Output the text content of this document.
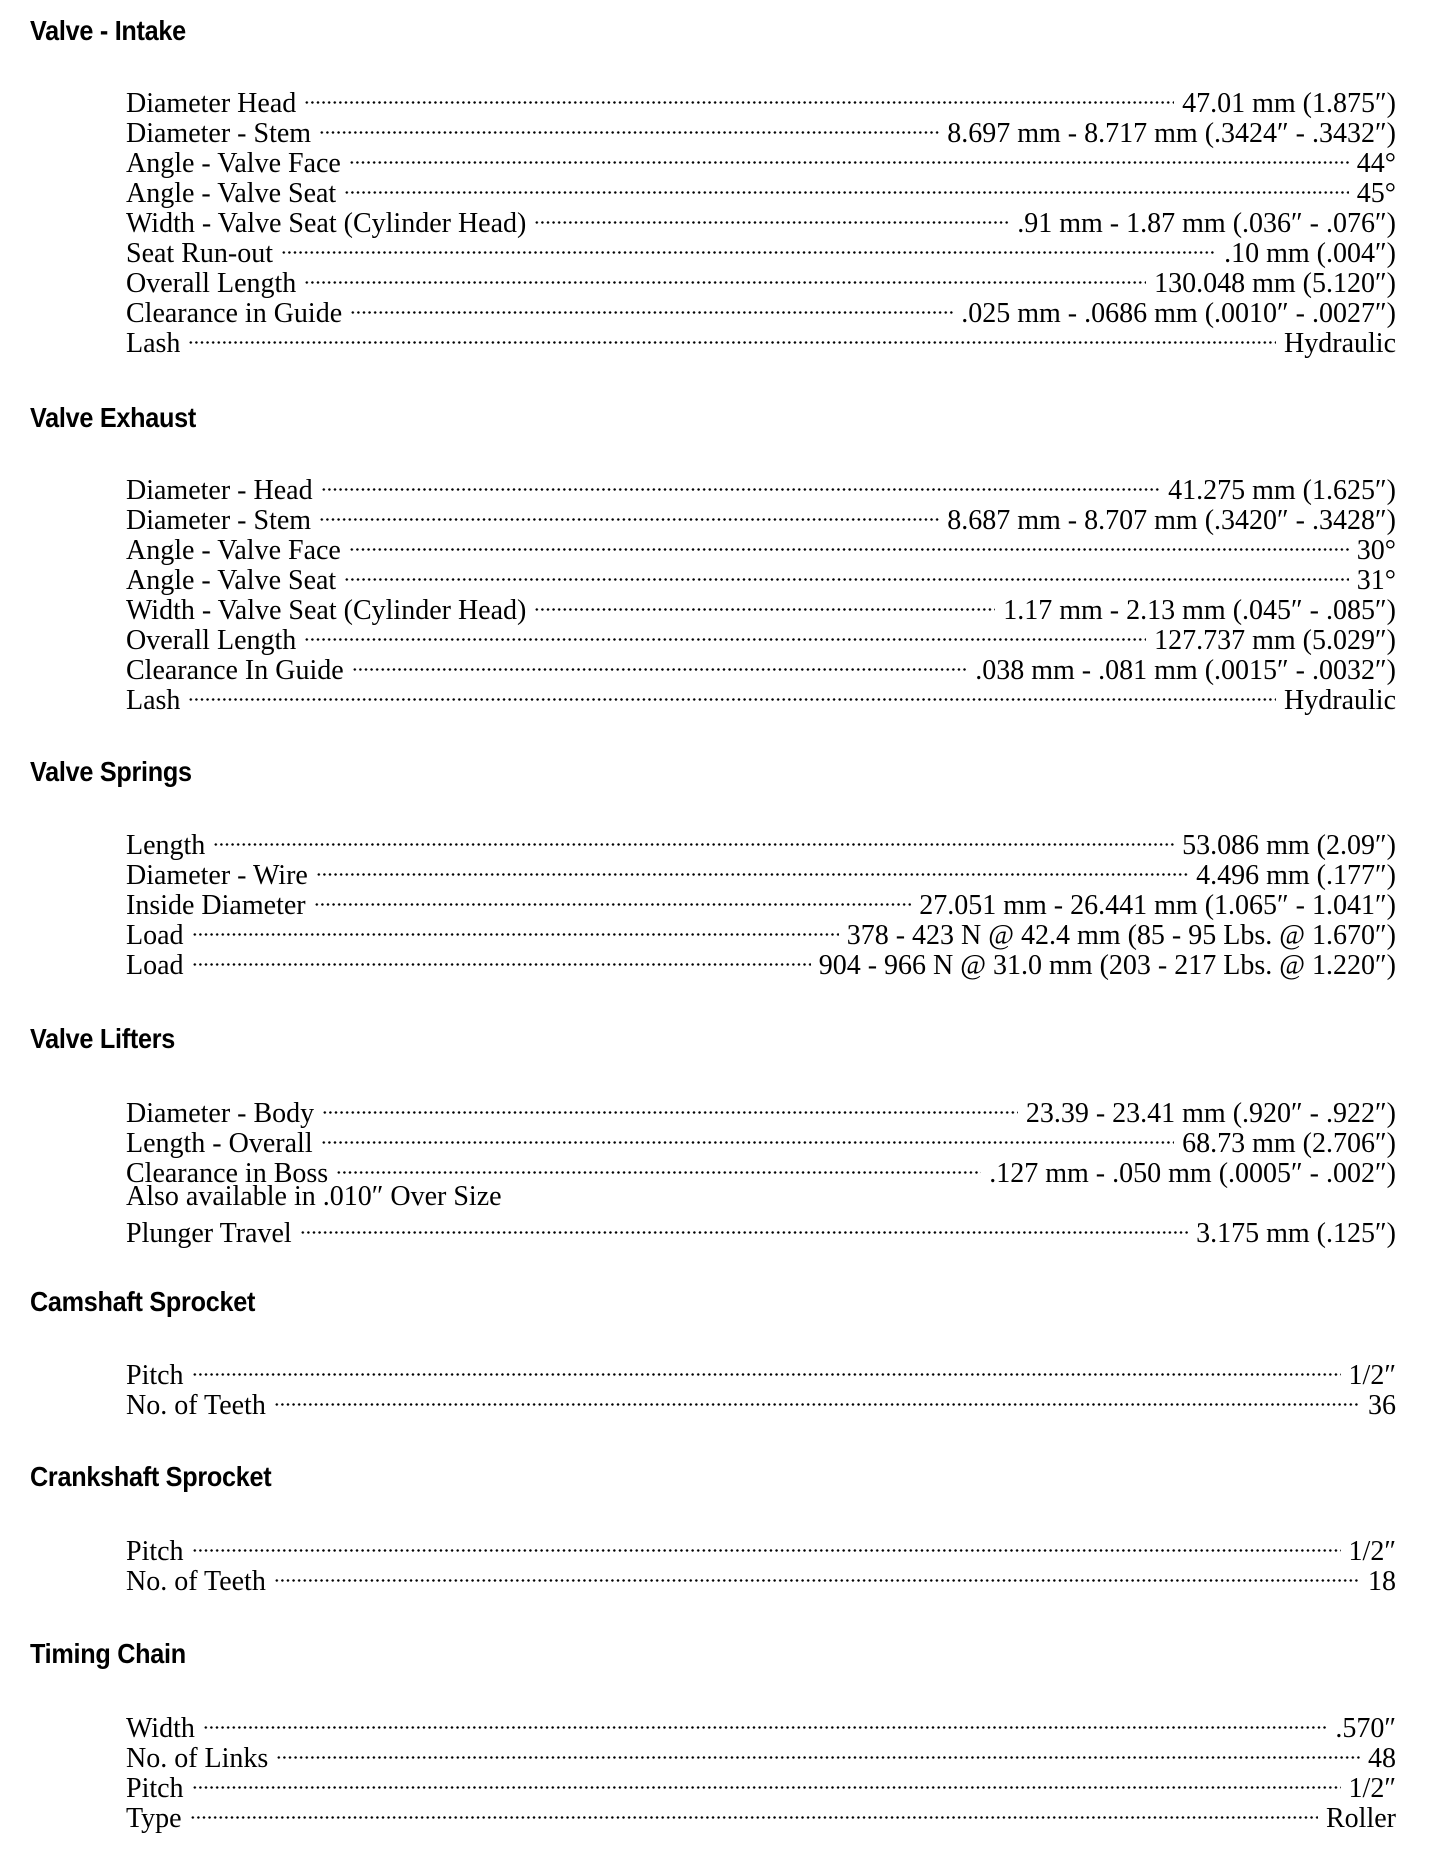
Valve - Intake
Diameter Head	47.01 mm (1.875″)
Diameter - Stem	8.697 mm - 8.717 mm (.3424″ - .3432″)
Angle - Valve Face	44°
Angle - Valve Seat	45°
Width - Valve Seat (Cylinder Head)	.91 mm - 1.87 mm (.036″ - .076″)
Seat Run-out	.10 mm (.004″)
Overall Length	130.048 mm (5.120″)
Clearance in Guide	.025 mm - .0686 mm (.0010″ - .0027″)
Lash	Hydraulic
Valve Exhaust
Diameter - Head	41.275 mm (1.625″)
Diameter - Stem	8.687 mm - 8.707 mm (.3420″ - .3428″)
Angle - Valve Face	30°
Angle - Valve Seat	31°
Width - Valve Seat (Cylinder Head)	1.17 mm - 2.13 mm (.045″ - .085″)
Overall Length	127.737 mm (5.029″)
Clearance In Guide	.038 mm - .081 mm (.0015″ - .0032″)
Lash	Hydraulic
Valve Springs
Length	53.086 mm (2.09″)
Diameter - Wire	4.496 mm (.177″)
Inside Diameter	27.051 mm - 26.441 mm (1.065″ - 1.041″)
Load	378 - 423 N @ 42.4 mm (85 - 95 Lbs. @ 1.670″)
Load	904 - 966 N @ 31.0 mm (203 - 217 Lbs. @ 1.220″)
Valve Lifters
Diameter - Body	23.39 - 23.41 mm (.920″ - .922″)
Length - Overall	68.73 mm (2.706″)
Clearance in Boss	.127 mm - .050 mm (.0005″ - .002″)
Also available in .010″ Over Size
Plunger Travel	3.175 mm (.125″)
Camshaft Sprocket
Pitch	1/2″
No. of Teeth	36
Crankshaft Sprocket
Pitch	1/2″
No. of Teeth	18
Timing Chain
Width	.570″
No. of Links	48
Pitch	1/2″
Type	Roller
